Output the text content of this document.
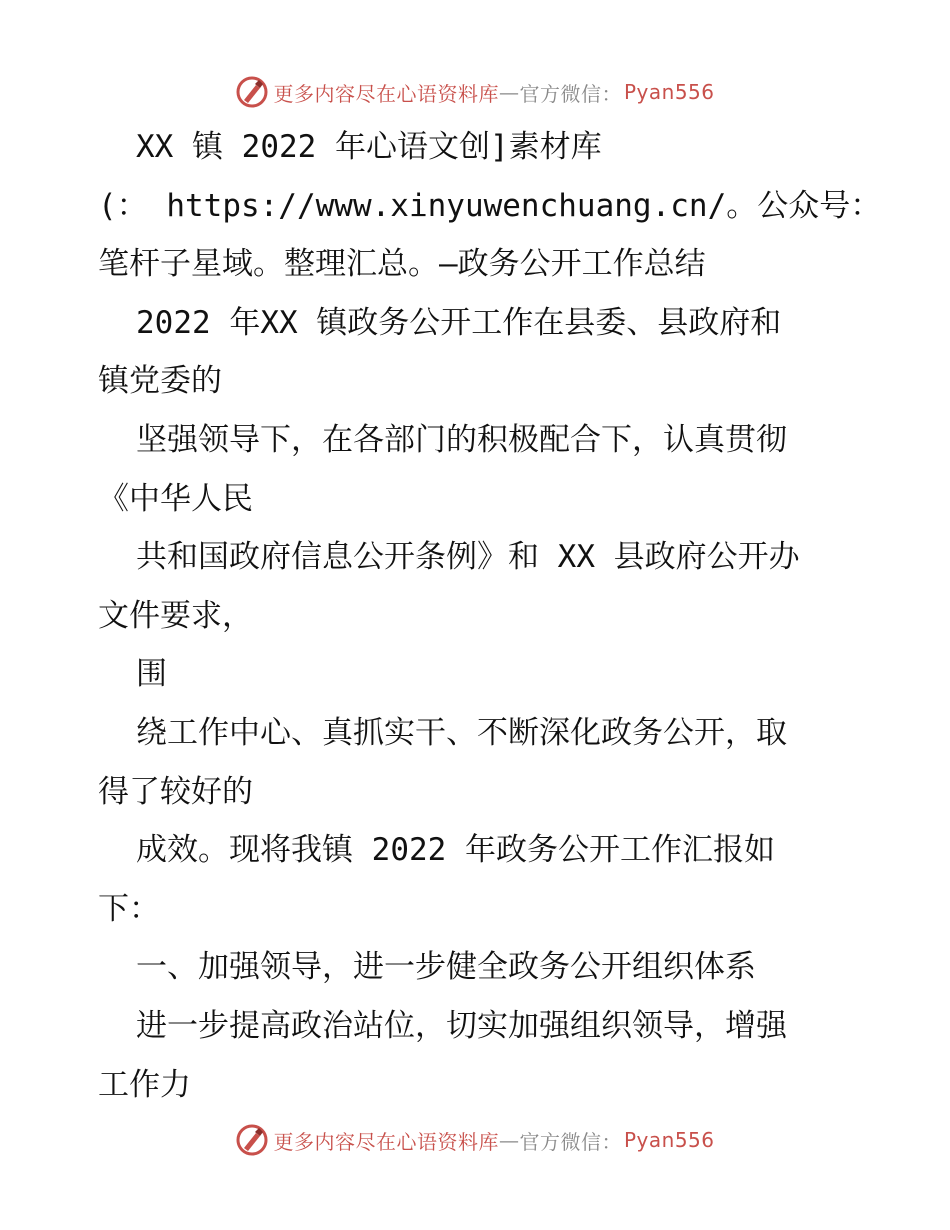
更多内容尽在心语资料库 — 官方微信： Pyan556
XX 镇 2022 年心语文创]素材库
(： https://www.xinyuwenchuang.cn/。公众号：
笔杆子星域。整理汇总。—政务公开工作总结
2022 年XX 镇政务公开工作在县委、县政府和
镇党委的
坚强领导下，在各部门的积极配合下，认真贯彻
《中华人民
共和国政府信息公开条例》和 XX 县政府公开办
文件要求，
围
绕工作中心、真抓实干、不断深化政务公开，取
得了较好的
成效。现将我镇 2022 年政务公开工作汇报如
下：
一、加强领导，进一步健全政务公开组织体系
进一步提高政治站位，切实加强组织领导，增强
工作力
更多内容尽在心语资料库 — 官方微信： Pyan556
